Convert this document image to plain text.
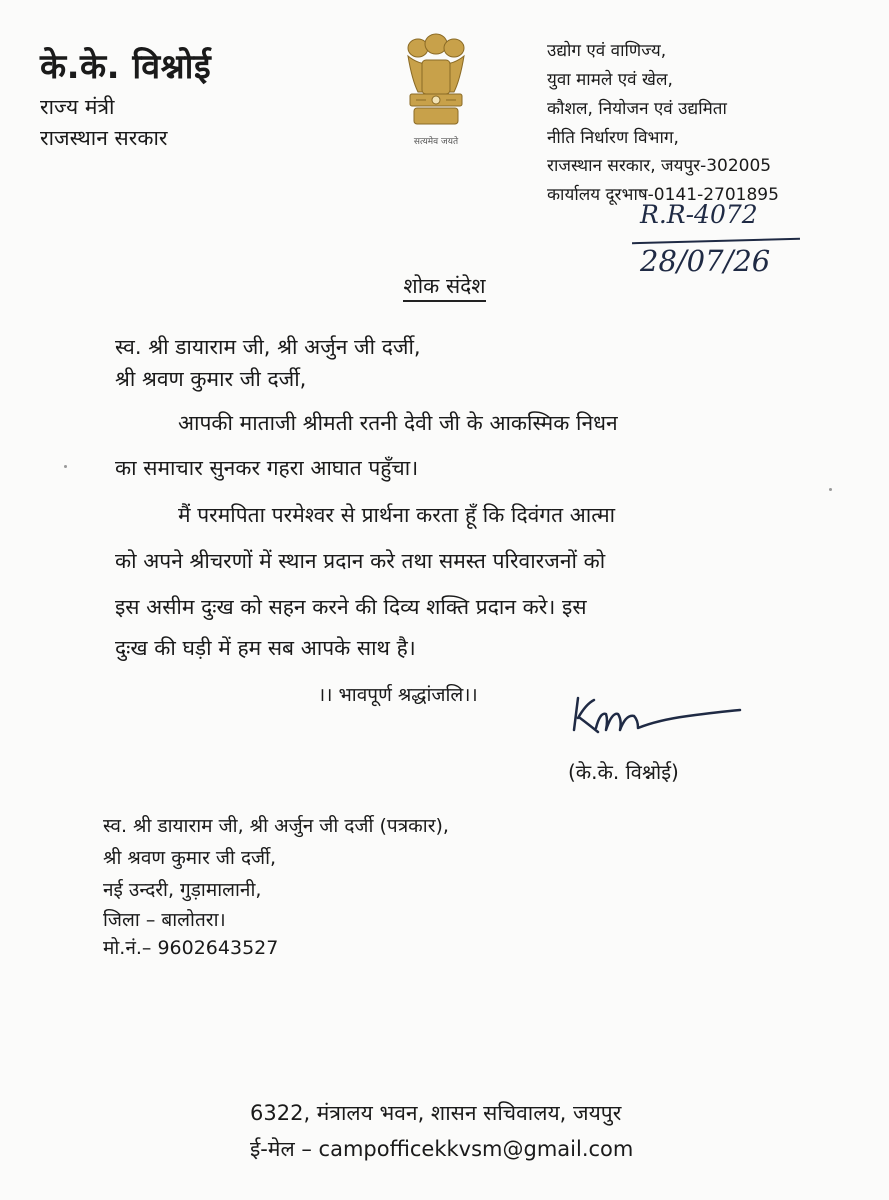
के.के. विश्नोई
राज्य मंत्री
राजस्थान सरकार	सत्यमेव जयते
उद्योग एवं वाणिज्य,
युवा मामले एवं खेल,
कौशल, नियोजन एवं उद्यमिता
नीति निर्धारण विभाग,
राजस्थान सरकार, जयपुर-302005
कार्यालय दूरभाष-0141-2701895
R.R-4072
28/07/26
शोक संदेश
स्व. श्री डायाराम जी, श्री अर्जुन जी दर्जी,
श्री श्रवण कुमार जी दर्जी,
आपकी माताजी श्रीमती रतनी देवी जी के आकस्मिक निधन
का समाचार सुनकर गहरा आघात पहुँचा।
मैं परमपिता परमेश्वर से प्रार्थना करता हूँ कि दिवंगत आत्मा
को अपने श्रीचरणों में स्थान प्रदान करे तथा समस्त परिवारजनों को
इस असीम दुःख को सहन करने की दिव्य शक्ति प्रदान करे। इस
दुःख की घड़ी में हम सब आपके साथ है।
।। भावपूर्ण श्रद्धांजलि।।
(के.के. विश्नोई)
स्व. श्री डायाराम जी, श्री अर्जुन जी दर्जी (पत्रकार),
श्री श्रवण कुमार जी दर्जी,
नई उन्दरी, गुड़ामालानी,
जिला – बालोतरा।
मो.नं.– 9602643527
6322, मंत्रालय भवन, शासन सचिवालय, जयपुर
ई-मेल – campofficekkvsm@gmail.com
